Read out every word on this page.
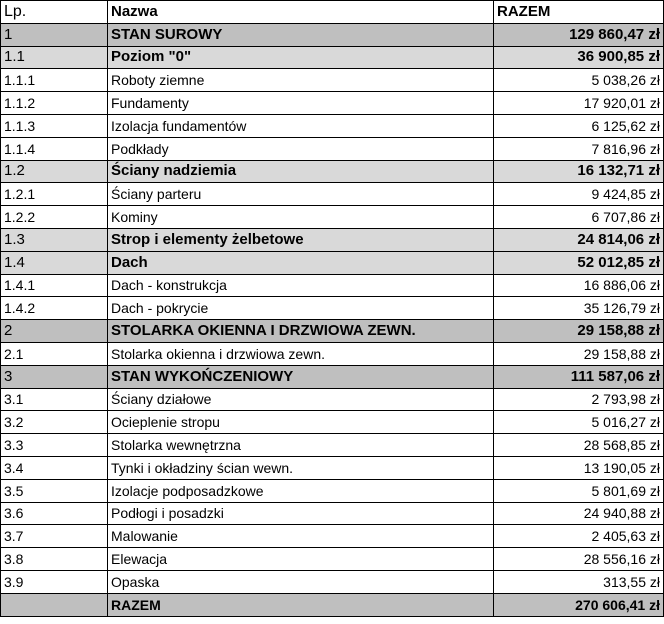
Lp.	Nazwa	RAZEM
1	STAN SUROWY	129 860,47 zł
1.1	Poziom "0"	36 900,85 zł
1.1.1	Roboty ziemne	5 038,26 zł
1.1.2	Fundamenty	17 920,01 zł
1.1.3	Izolacja fundamentów	6 125,62 zł
1.1.4	Podkłady	7 816,96 zł
1.2	Ściany nadziemia	16 132,71 zł
1.2.1	Ściany parteru	9 424,85 zł
1.2.2	Kominy	6 707,86 zł
1.3	Strop i elementy żelbetowe	24 814,06 zł
1.4	Dach	52 012,85 zł
1.4.1	Dach - konstrukcja	16 886,06 zł
1.4.2	Dach - pokrycie	35 126,79 zł
2	STOLARKA OKIENNA I DRZWIOWA ZEWN.	29 158,88 zł
2.1	Stolarka okienna i drzwiowa zewn.	29 158,88 zł
3	STAN WYKOŃCZENIOWY	111 587,06 zł
3.1	Ściany działowe	2 793,98 zł
3.2	Ocieplenie stropu	5 016,27 zł
3.3	Stolarka wewnętrzna	28 568,85 zł
3.4	Tynki i okładziny ścian wewn.	13 190,05 zł
3.5	Izolacje podposadzkowe	5 801,69 zł
3.6	Podłogi i posadzki	24 940,88 zł
3.7	Malowanie	2 405,63 zł
3.8	Elewacja	28 556,16 zł
3.9	Opaska	313,55 zł
	RAZEM	270 606,41 zł
